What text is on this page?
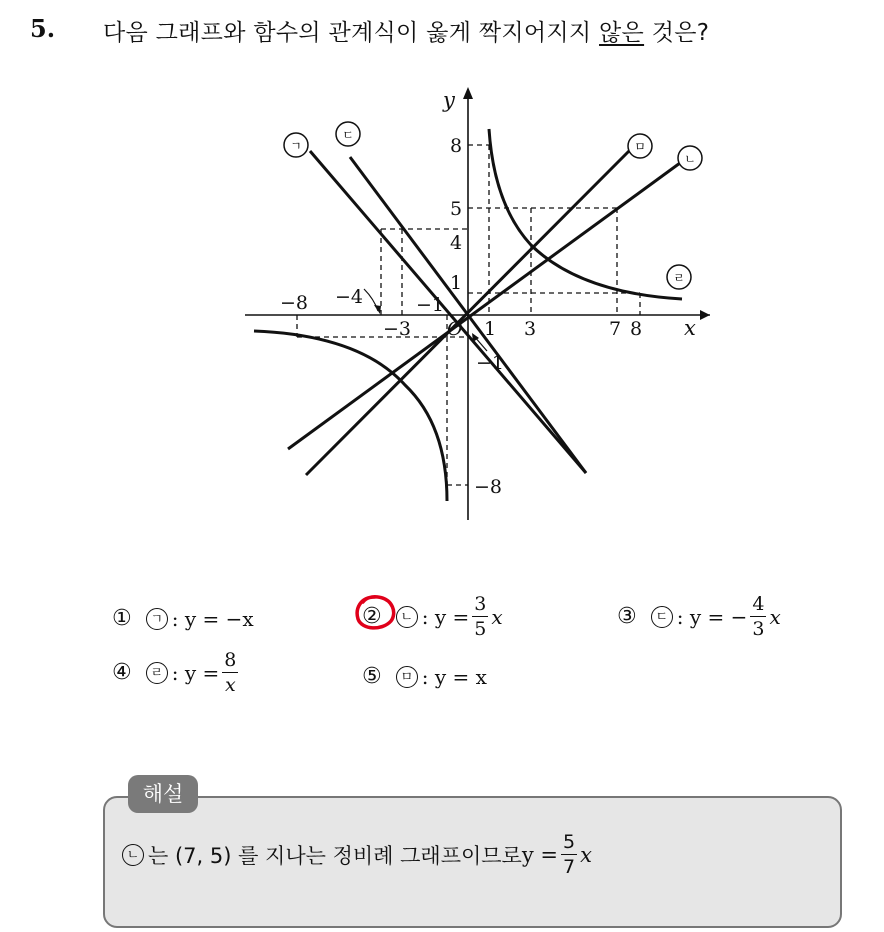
5. 다음 그래프와 함수의 관계식이 옳게 짝지어지지 않은 것은?
ㄱ
ㄷ
ㅁ
ㄴ
ㄹ
−8 −4
−3
−1
1 3	7 8
8
5
4
1
−1
−8
O	x
y
①	ㄱ : y = −x	②	ㄴ : $y = \frac{3}{5}$ x	③	ㄷ : y = − $\frac{4}{3}$ x
④	ㄹ : $y = \frac{8}{x}$	⑤	ㅁ : y = x
해설
ㄴ 는 (7, 5) 를 지나는 정비례 그래프이므로 $y = \frac{5}{7}$ x
